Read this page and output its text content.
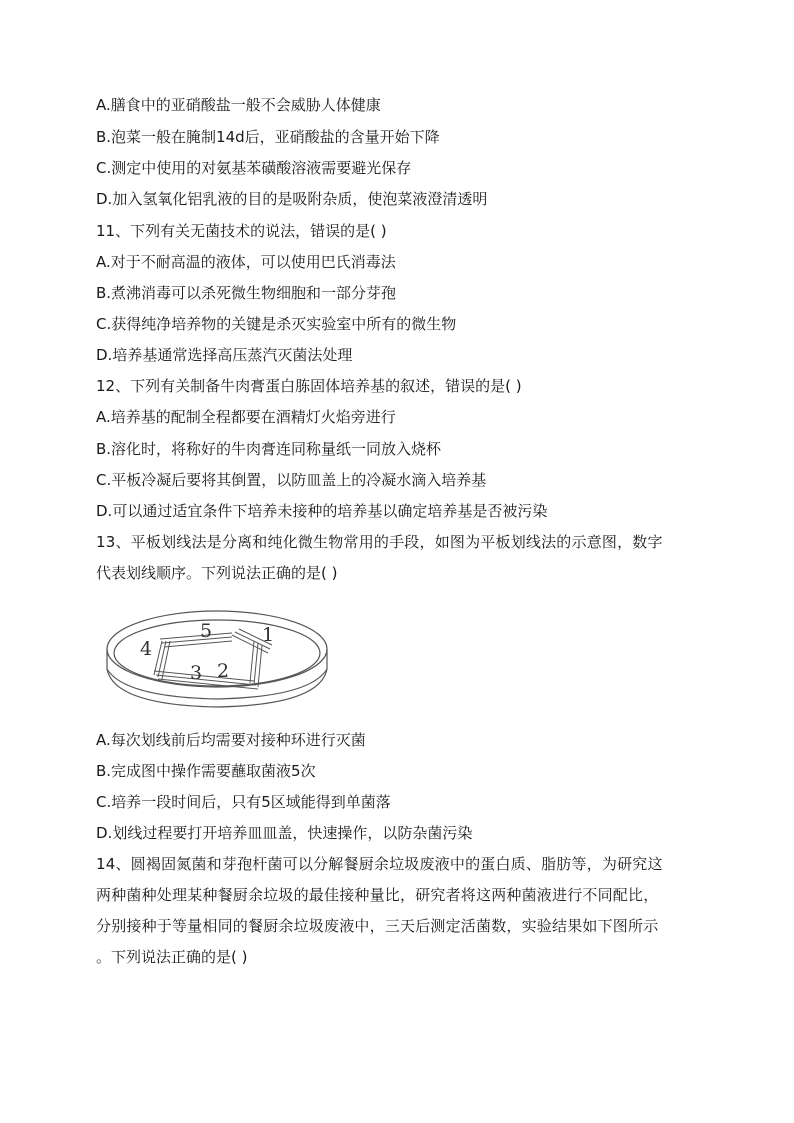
A.膳食中的亚硝酸盐一般不会威胁人体健康
B.泡菜一般在腌制14d后，亚硝酸盐的含量开始下降
C.测定中使用的对氨基苯磺酸溶液需要避光保存
D.加入氢氧化铝乳液的目的是吸附杂质，使泡菜液澄清透明
11、下列有关无菌技术的说法，错误的是( )
A.对于不耐高温的液体，可以使用巴氏消毒法
B.煮沸消毒可以杀死微生物细胞和一部分芽孢
C.获得纯净培养物的关键是杀灭实验室中所有的微生物
D.培养基通常选择高压蒸汽灭菌法处理
12、下列有关制备牛肉膏蛋白胨固体培养基的叙述，错误的是( )
A.培养基的配制全程都要在酒精灯火焰旁进行
B.溶化时，将称好的牛肉膏连同称量纸一同放入烧杯
C.平板冷凝后要将其倒置，以防皿盖上的冷凝水滴入培养基
D.可以通过适宜条件下培养未接种的培养基以确定培养基是否被污染
13、平板划线法是分离和纯化微生物常用的手段，如图为平板划线法的示意图，数字
代表划线顺序。下列说法正确的是( )
1
2
3
4
5
A.每次划线前后均需要对接种环进行灭菌
B.完成图中操作需要蘸取菌液5次
C.培养一段时间后，只有5区域能得到单菌落
D.划线过程要打开培养皿皿盖，快速操作，以防杂菌污染
14、圆褐固氮菌和芽孢杆菌可以分解餐厨余垃圾废液中的蛋白质、脂肪等，为研究这
两种菌种处理某种餐厨余垃圾的最佳接种量比，研究者将这两种菌液进行不同配比，
分别接种于等量相同的餐厨余垃圾废液中，三天后测定活菌数，实验结果如下图所示
。下列说法正确的是( )
